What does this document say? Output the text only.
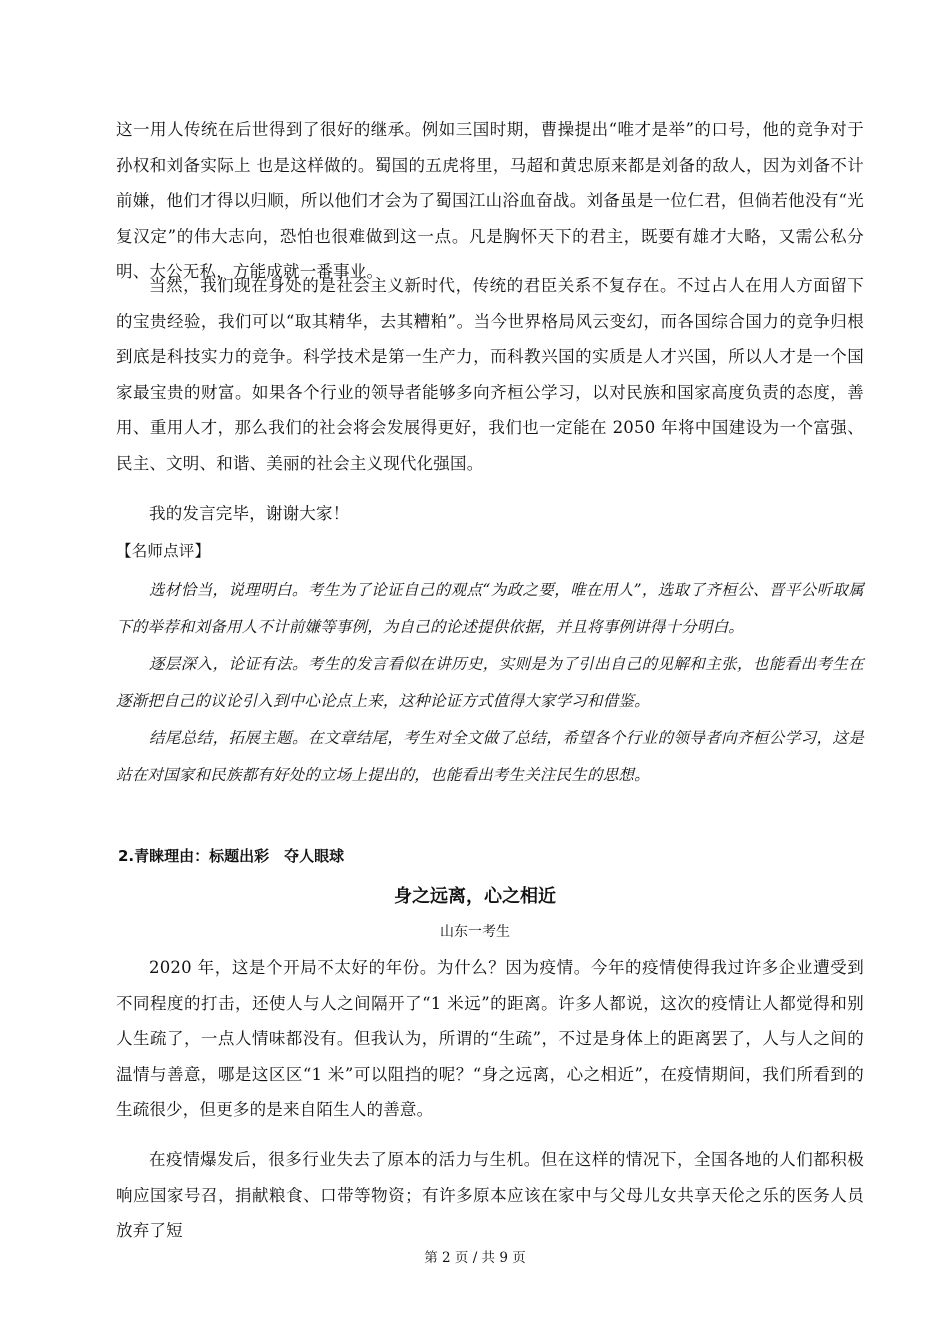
这一用人传统在后世得到了很好的继承。例如三国时期，曹操提出“唯才是举”的口号，他的竞争对于孙权和刘备实际上 也是这样做的。蜀国的五虎将里，马超和黄忠原来都是刘备的敌人，因为刘备不计前嫌，他们才得以归顺，所以他们才会为了蜀国江山浴血奋战。刘备虽是一位仁君，但倘若他没有“光复汉定”的伟大志向，恐怕也很难做到这一点。凡是胸怀天下的君主，既要有雄才大略，又需公私分明、大公无私，方能成就一番事业。

当然，我们现在身处的是社会主义新时代，传统的君臣关系不复存在。不过占人在用人方面留下的宝贵经验，我们可以“取其精华，去其糟粕”。当今世界格局风云变幻，而各国综合国力的竞争归根到底是科技实力的竞争。科学技术是第一生产力，而科教兴国的实质是人才兴国，所以人才是一个国家最宝贵的财富。如果各个行业的领导者能够多向齐桓公学习，以对民族和国家高度负责的态度，善用、重用人才，那么我们的社会将会发展得更好，我们也一定能在 2050 年将中国建设为一个富强、民主、文明、和谐、美丽的社会主义现代化强国。

我的发言完毕，谢谢大家！

【名师点评】

选材恰当，说理明白。考生为了论证自己的观点“为政之要，唯在用人”，选取了齐桓公、晋平公听取属下的举荐和刘备用人不计前嫌等事例，为自己的论述提供依据，并且将事例讲得十分明白。

逐层深入，论证有法。考生的发言看似在讲历史，实则是为了引出自己的见解和主张，也能看出考生在逐渐把自己的议论引入到中心论点上来，这种论证方式值得大家学习和借鉴。

结尾总结，拓展主题。在文章结尾，考生对全文做了总结，希望各个行业的领导者向齐桓公学习，这是站在对国家和民族都有好处的立场上提出的，也能看出考生关注民生的思想。

2.青睐理由：标题出彩　夺人眼球
身之远离，心之相近
山东一考生

2020 年，这是个开局不太好的年份。为什么？因为疫情。今年的疫情使得我过许多企业遭受到不同程度的打击，还使人与人之间隔开了“1 米远”的距离。许多人都说，这次的疫情让人都觉得和别人生疏了，一点人情味都没有。但我认为，所谓的“生疏”，不过是身体上的距离罢了，人与人之间的温情与善意，哪是这区区“1 米”可以阻挡的呢？“身之远离，心之相近”，在疫情期间，我们所看到的生疏很少，但更多的是来自陌生人的善意。

在疫情爆发后，很多行业失去了原本的活力与生机。但在这样的情况下，全国各地的人们都积极响应国家号召，捐献粮食、口带等物资；有许多原本应该在家中与父母儿女共享天伦之乐的医务人员放弃了短

第 2 页 / 共 9 页
